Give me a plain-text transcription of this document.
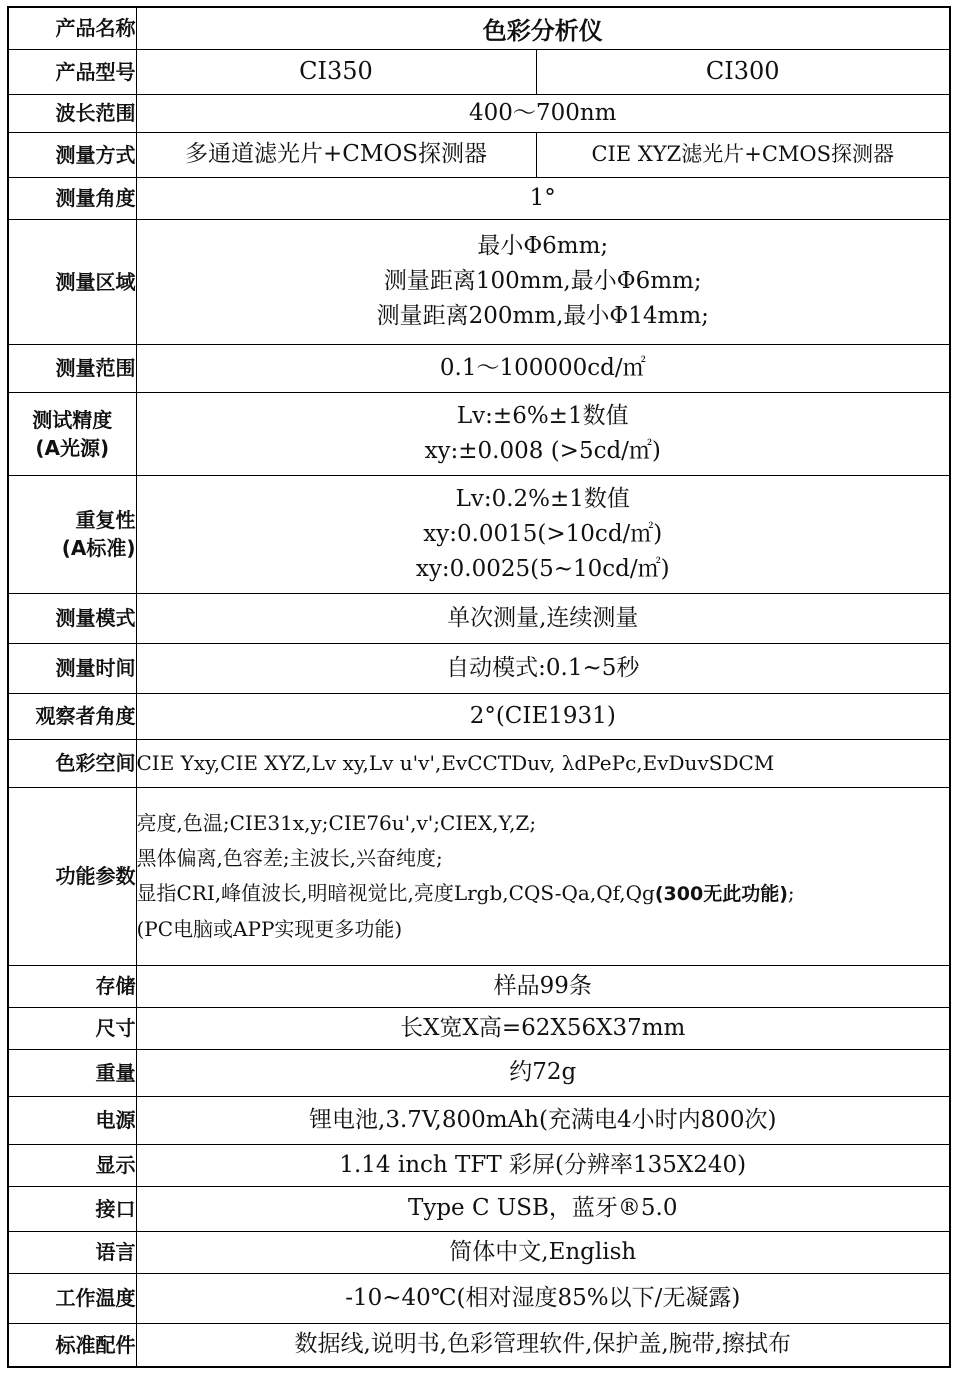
产品名称	色彩分析仪	
产品型号	CI350	CI300
波长范围	400～700nm	
测量方式	多通道滤光片+CMOS探测器	CIE XYZ滤光片+CMOS探测器
测量角度	1°	
测量区域	最小Φ6mm;
测量距离100mm,最小Φ6mm;
测量距离200mm,最小Φ14mm;	

测量范围	0.1～100000cd/㎡	

测试精度
(A光源)	Lv:±6%±1数值
xy:±0.008 (>5cd/㎡)	

重复性
(A标准)	Lv:0.2%±1数值
xy:0.0015(>10cd/㎡)
xy:0.0025(5~10cd/㎡)	

测量模式	单次测量,连续测量	
测量时间	自动模式:0.1~5秒	
观察者角度	2°(CIE1931)	
色彩空间	CIE Yxy,CIE XYZ,Lv xy,Lv u'v',EvCCTDuv, λdPePc,EvDuvSDCM	
功能参数	亮度,色温;CIE31x,y;CIE76u',v';CIEX,Y,Z;
黑体偏离,色容差;主波长,兴奋纯度;
显指CRI,峰值波长,明暗视觉比,亮度Lrgb,CQS-Qa,Qf,Qg(300无此功能);
(PC电脑或APP实现更多功能)	

存储	样品99条	
尺寸	长X宽X高=62X56X37mm	
重量	约72g	
电源	锂电池,3.7V,800mAh(充满电4小时内800次)	
显示	1.14 inch TFT 彩屏(分辨率135X240)	
接口	Type C USB，蓝牙®5.0	
语言	简体中文,English	
工作温度	-10~40℃(相对湿度85%以下/无凝露)	
标准配件	数据线,说明书,色彩管理软件,保护盖,腕带,擦拭布	
